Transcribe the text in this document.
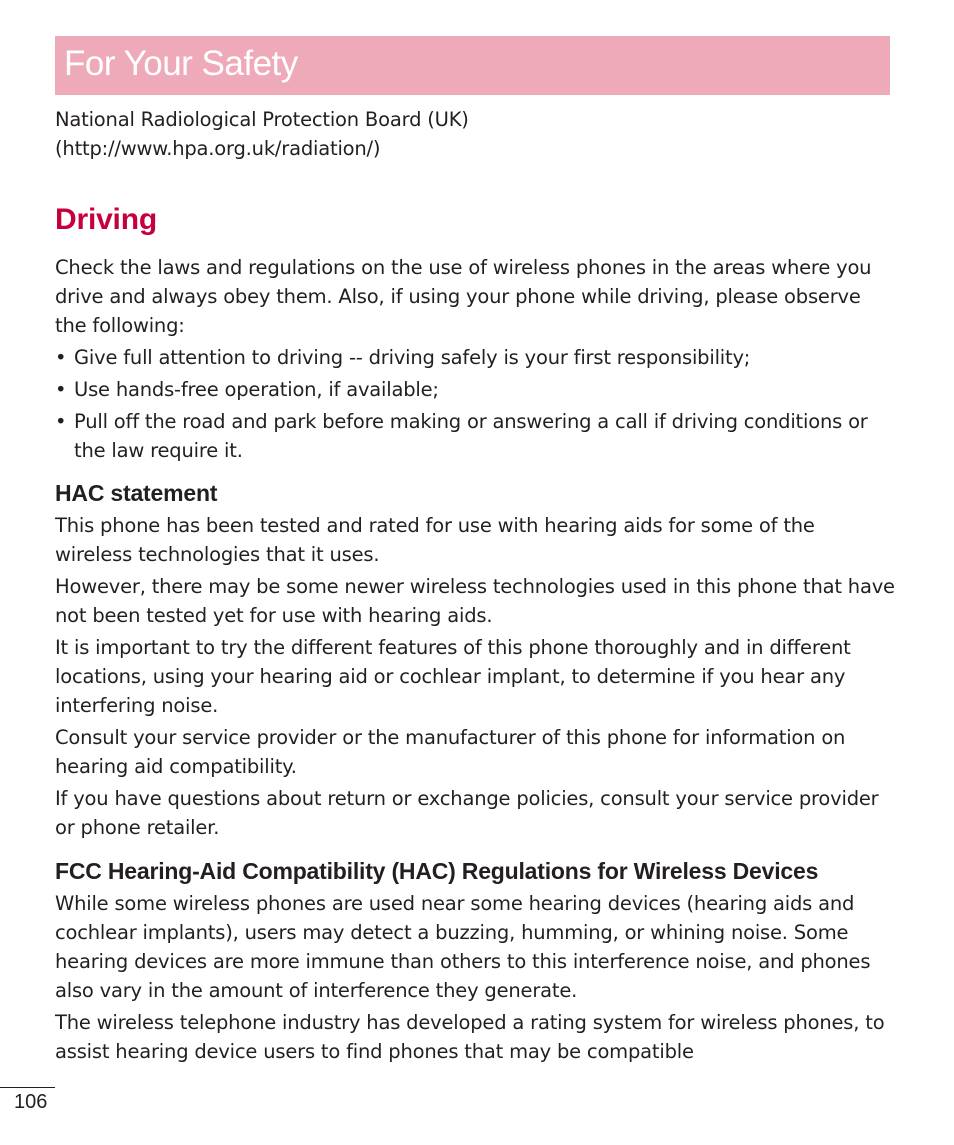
For Your Safety

National Radiological Protection Board (UK)
(http://www.hpa.org.uk/radiation/)

Driving

Check the laws and regulations on the use of wireless phones in the areas where you drive and always obey them. Also, if using your phone while driving, please observe the following:

• Give full attention to driving -- driving safely is your first responsibility;
• Use hands-free operation, if available;
• Pull off the road and park before making or answering a call if driving conditions or the law require it.
HAC statement

This phone has been tested and rated for use with hearing aids for some of the wireless technologies that it uses.

However, there may be some newer wireless technologies used in this phone that have not been tested yet for use with hearing aids.

It is important to try the different features of this phone thoroughly and in different locations, using your hearing aid or cochlear implant, to determine if you hear any interfering noise.

Consult your service provider or the manufacturer of this phone for information on hearing aid compatibility.

If you have questions about return or exchange policies, consult your service provider or phone retailer.

FCC Hearing-Aid Compatibility (HAC) Regulations for Wireless Devices

While some wireless phones are used near some hearing devices (hearing aids and cochlear implants), users may detect a buzzing, humming, or whining noise. Some hearing devices are more immune than others to this interference noise, and phones also vary in the amount of interference they generate.

The wireless telephone industry has developed a rating system for wireless phones, to assist hearing device users to find phones that may be compatible

106
